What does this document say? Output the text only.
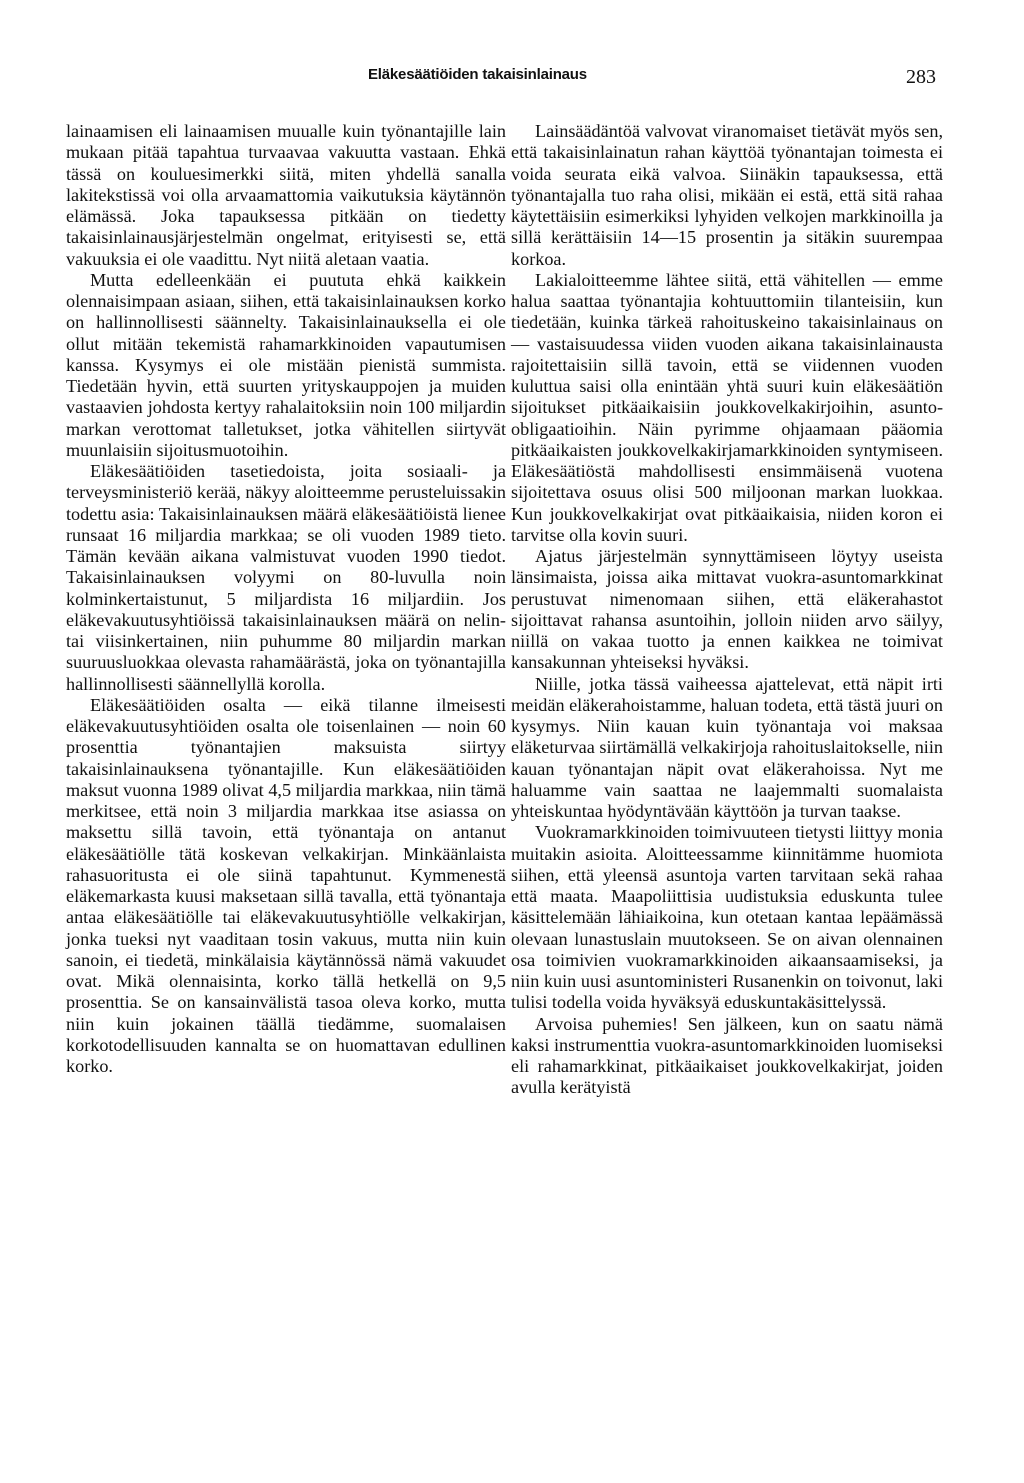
Eläkesäätiöiden takaisinlainaus	283

lainaamisen eli lainaamisen muualle kuin työnantajille lain mukaan pitää tapahtua turvaavaa vakuutta vastaan. Ehkä tässä on kouluesimerkki siitä, miten yhdellä sanalla lakitekstissä voi olla arvaamattomia vaikutuksia käytännön elämässä. Joka tapauksessa pitkään on tiedetty takaisinlainausjärjestelmän ongelmat, erityisesti se, että vakuuksia ei ole vaadittu. Nyt niitä aletaan vaatia.

Mutta edelleenkään ei puututa ehkä kaikkein olennaisimpaan asiaan, siihen, että takaisinlainauksen korko on hallinnollisesti säännelty. Takaisinlainauksella ei ole ollut mitään tekemistä rahamarkkinoiden vapautumisen kanssa. Kysymys ei ole mistään pienistä summista. Tiedetään hyvin, että suurten yrityskauppojen ja muiden vastaavien johdosta kertyy rahalaitoksiin noin 100 miljardin markan verottomat talletukset, jotka vähitellen siirtyvät muunlaisiin sijoitusmuotoihin.

Eläkesäätiöiden tasetiedoista, joita sosiaali- ja terveysministeriö kerää, näkyy aloitteemme perusteluissakin todettu asia: Takaisinlainauksen määrä eläkesäätiöistä lienee runsaat 16 miljardia markkaa; se oli vuoden 1989 tieto. Tämän kevään aikana valmistuvat vuoden 1990 tiedot. Takaisinlainauksen volyymi on 80-luvulla noin kolminkertaistunut, 5 miljardista 16 miljardiin. Jos eläkevakuutusyhtiöissä takaisinlainauksen määrä on nelin- tai viisinkertainen, niin puhumme 80 miljardin markan suuruusluokkaa olevasta rahamäärästä, joka on työnantajilla hallinnollisesti säännellyllä korolla.

Eläkesäätiöiden osalta — eikä tilanne ilmeisesti eläkevakuutusyhtiöiden osalta ole toisenlainen — noin 60 prosenttia työnantajien maksuista siirtyy takaisinlainauksena työnantajille. Kun eläkesäätiöiden maksut vuonna 1989 olivat 4,5 miljardia markkaa, niin tämä merkitsee, että noin 3 miljardia markkaa itse asiassa on maksettu sillä tavoin, että työnantaja on antanut eläkesäätiölle tätä koskevan velkakirjan. Minkäänlaista rahasuoritusta ei ole siinä tapahtunut. Kymmenestä eläkemarkasta kuusi maksetaan sillä tavalla, että työnantaja antaa eläkesäätiölle tai eläkevakuutusyhtiölle velkakirjan, jonka tueksi nyt vaaditaan tosin vakuus, mutta niin kuin sanoin, ei tiedetä, minkälaisia käytännössä nämä vakuudet ovat. Mikä olennaisinta, korko tällä hetkellä on 9,5 prosenttia. Se on kansainvälistä tasoa oleva korko, mutta niin kuin jokainen täällä tiedämme, suomalaisen korkotodellisuuden kannalta se on huomattavan edullinen korko.

Lainsäädäntöä valvovat viranomaiset tietävät myös sen, että takaisinlainatun rahan käyttöä työnantajan toimesta ei voida seurata eikä valvoa. Siinäkin tapauksessa, että työnantajalla tuo raha olisi, mikään ei estä, että sitä rahaa käytettäisiin esimerkiksi lyhyiden velkojen markkinoilla ja sillä kerättäisiin 14—15 prosentin ja sitäkin suurempaa korkoa.

Lakialoitteemme lähtee siitä, että vähitellen — emme halua saattaa työnantajia kohtuuttomiin tilanteisiin, kun tiedetään, kuinka tärkeä rahoituskeino takaisinlainaus on — vastaisuudessa viiden vuoden aikana takaisinlainausta rajoitettaisiin sillä tavoin, että se viidennen vuoden kuluttua saisi olla enintään yhtä suuri kuin eläkesäätiön sijoitukset pitkäaikaisiin joukkovelkakirjoihin, asunto-obligaatioihin. Näin pyrimme ohjaamaan pääomia pitkäaikaisten joukkovelkakirjamarkkinoiden syntymiseen. Eläkesäätiöstä mahdollisesti ensimmäisenä vuotena sijoitettava osuus olisi 500 miljoonan markan luokkaa. Kun joukkovelkakirjat ovat pitkäaikaisia, niiden koron ei tarvitse olla kovin suuri.

Ajatus järjestelmän synnyttämiseen löytyy useista länsimaista, joissa aika mittavat vuokra-asuntomarkkinat perustuvat nimenomaan siihen, että eläkerahastot sijoittavat rahansa asuntoihin, jolloin niiden arvo säilyy, niillä on vakaa tuotto ja ennen kaikkea ne toimivat kansakunnan yhteiseksi hyväksi.

Niille, jotka tässä vaiheessa ajattelevat, että näpit irti meidän eläkerahoistamme, haluan todeta, että tästä juuri on kysymys. Niin kauan kuin työnantaja voi maksaa eläketurvaa siirtämällä velkakirjoja rahoituslaitokselle, niin kauan työnantajan näpit ovat eläkerahoissa. Nyt me haluamme vain saattaa ne laajemmalti suomalaista yhteiskuntaa hyödyntävään käyttöön ja turvan taakse.

Vuokramarkkinoiden toimivuuteen tietysti liittyy monia muitakin asioita. Aloitteessamme kiinnitämme huomiota siihen, että yleensä asuntoja varten tarvitaan sekä rahaa että maata. Maapoliittisia uudistuksia eduskunta tulee käsittelemään lähiaikoina, kun otetaan kantaa lepäämässä olevaan lunastuslain muutokseen. Se on aivan olennainen osa toimivien vuokramarkkinoiden aikaansaamiseksi, ja niin kuin uusi asuntoministeri Rusanenkin on toivonut, laki tulisi todella voida hyväksyä eduskuntakäsittelyssä.

Arvoisa puhemies! Sen jälkeen, kun on saatu nämä kaksi instrumenttia vuokra-asuntomarkkinoiden luomiseksi eli rahamarkkinat, pitkäaikaiset joukkovelkakirjat, joiden avulla kerätyistä
